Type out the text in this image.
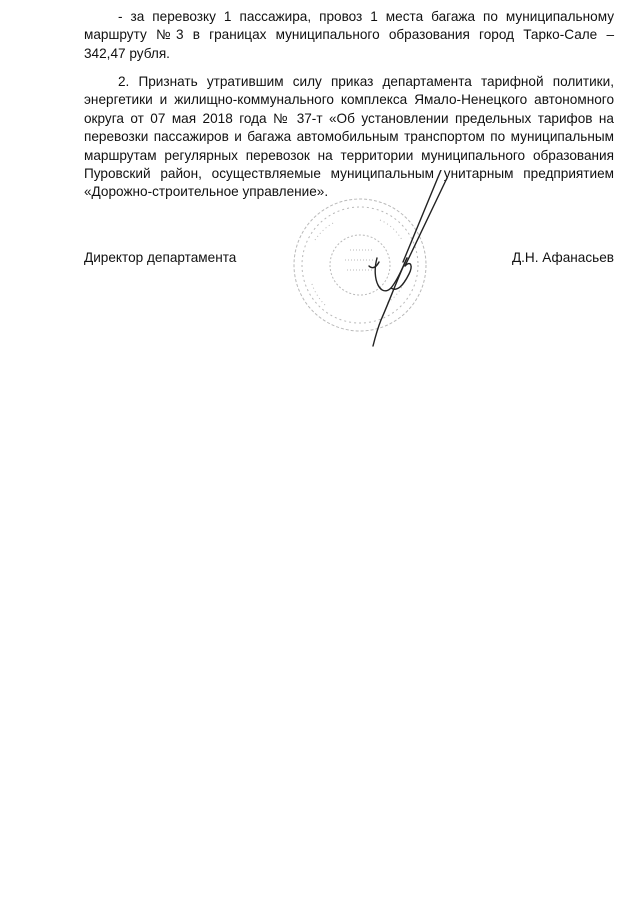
- за перевозку 1 пассажира, провоз 1 места багажа по муниципальному маршруту №3 в границах муниципального образования город Тарко-Сале – 342,47 рубля.
2. Признать утратившим силу приказ департамента тарифной политики, энергетики и жилищно-коммунального комплекса Ямало-Ненецкого автономного округа от 07 мая 2018 года № 37-т «Об установлении предельных тарифов на перевозки пассажиров и багажа автомобильным транспортом по муниципальным маршрутам регулярных перевозок на территории муниципального образования Пуровский район, осуществляемые муниципальным унитарным предприятием «Дорожно-строительное управление».
Директор департамента	Д.Н. Афанасьев
